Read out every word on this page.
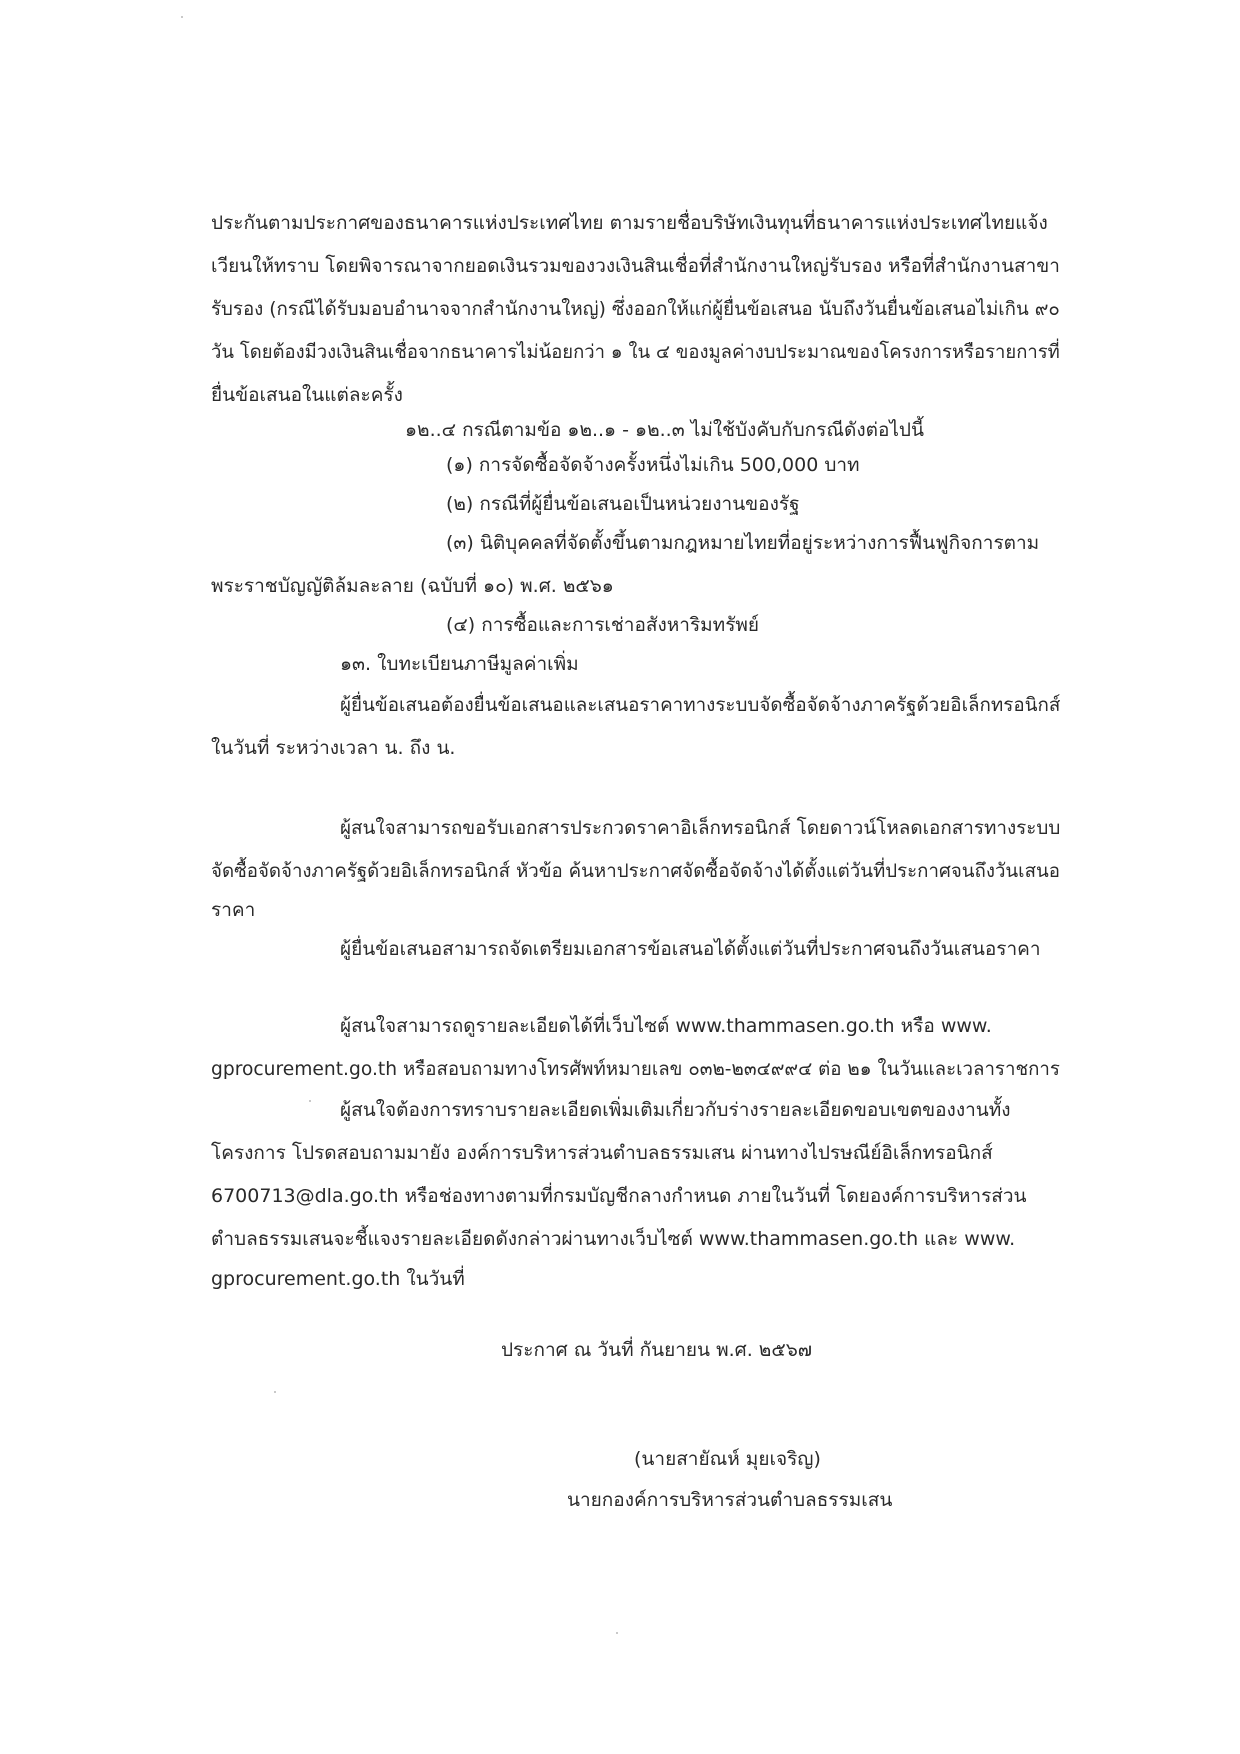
ประกันตามประกาศของธนาคารแห่งประเทศไทย ตามรายชื่อบริษัทเงินทุนที่ธนาคารแห่งประเทศไทยแจ้ง
เวียนให้ทราบ โดยพิจารณาจากยอดเงินรวมของวงเงินสินเชื่อที่สำนักงานใหญ่รับรอง หรือที่สำนักงานสาขา
รับรอง (กรณีได้รับมอบอำนาจจากสำนักงานใหญ่) ซึ่งออกให้แก่ผู้ยื่นข้อเสนอ นับถึงวันยื่นข้อเสนอไม่เกิน ๙๐
วัน โดยต้องมีวงเงินสินเชื่อจากธนาคารไม่น้อยกว่า ๑ ใน ๔ ของมูลค่างบประมาณของโครงการหรือรายการที่
ยื่นข้อเสนอในแต่ละครั้ง
๑๒..๔ กรณีตามข้อ ๑๒..๑ - ๑๒..๓ ไม่ใช้บังคับกับกรณีดังต่อไปนี้
(๑) การจัดซื้อจัดจ้างครั้งหนึ่งไม่เกิน 500,000 บาท
(๒) กรณีที่ผู้ยื่นข้อเสนอเป็นหน่วยงานของรัฐ
(๓) นิติบุคคลที่จัดตั้งขึ้นตามกฎหมายไทยที่อยู่ระหว่างการฟื้นฟูกิจการตาม
พระราชบัญญัติล้มละลาย (ฉบับที่ ๑๐) พ.ศ. ๒๕๖๑
(๔) การซื้อและการเช่าอสังหาริมทรัพย์
๑๓. ใบทะเบียนภาษีมูลค่าเพิ่ม
ผู้ยื่นข้อเสนอต้องยื่นข้อเสนอและเสนอราคาทางระบบจัดซื้อจัดจ้างภาครัฐด้วยอิเล็กทรอนิกส์
ในวันที่ ระหว่างเวลา น. ถึง น.
ผู้สนใจสามารถขอรับเอกสารประกวดราคาอิเล็กทรอนิกส์ โดยดาวน์โหลดเอกสารทางระบบ
จัดซื้อจัดจ้างภาครัฐด้วยอิเล็กทรอนิกส์ หัวข้อ ค้นหาประกาศจัดซื้อจัดจ้างได้ตั้งแต่วันที่ประกาศจนถึงวันเสนอ
ราคา
ผู้ยื่นข้อเสนอสามารถจัดเตรียมเอกสารข้อเสนอได้ตั้งแต่วันที่ประกาศจนถึงวันเสนอราคา
ผู้สนใจสามารถดูรายละเอียดได้ที่เว็บไซต์ www.thammasen.go.th หรือ www.
gprocurement.go.th หรือสอบถามทางโทรศัพท์หมายเลข ๐๓๒-๒๓๔๙๙๔ ต่อ ๒๑ ในวันและเวลาราชการ
ผู้สนใจต้องการทราบรายละเอียดเพิ่มเติมเกี่ยวกับร่างรายละเอียดขอบเขตของงานทั้ง
โครงการ โปรดสอบถามมายัง องค์การบริหารส่วนตำบลธรรมเสน ผ่านทางไปรษณีย์อิเล็กทรอนิกส์
6700713@dla.go.th หรือช่องทางตามที่กรมบัญชีกลางกำหนด ภายในวันที่ โดยองค์การบริหารส่วน
ตำบลธรรมเสนจะชี้แจงรายละเอียดดังกล่าวผ่านทางเว็บไซต์ www.thammasen.go.th และ www.
gprocurement.go.th ในวันที่
ประกาศ ณ วันที่ กันยายน พ.ศ. ๒๕๖๗
(นายสายัณห์ มุยเจริญ)
นายกองค์การบริหารส่วนตำบลธรรมเสน
